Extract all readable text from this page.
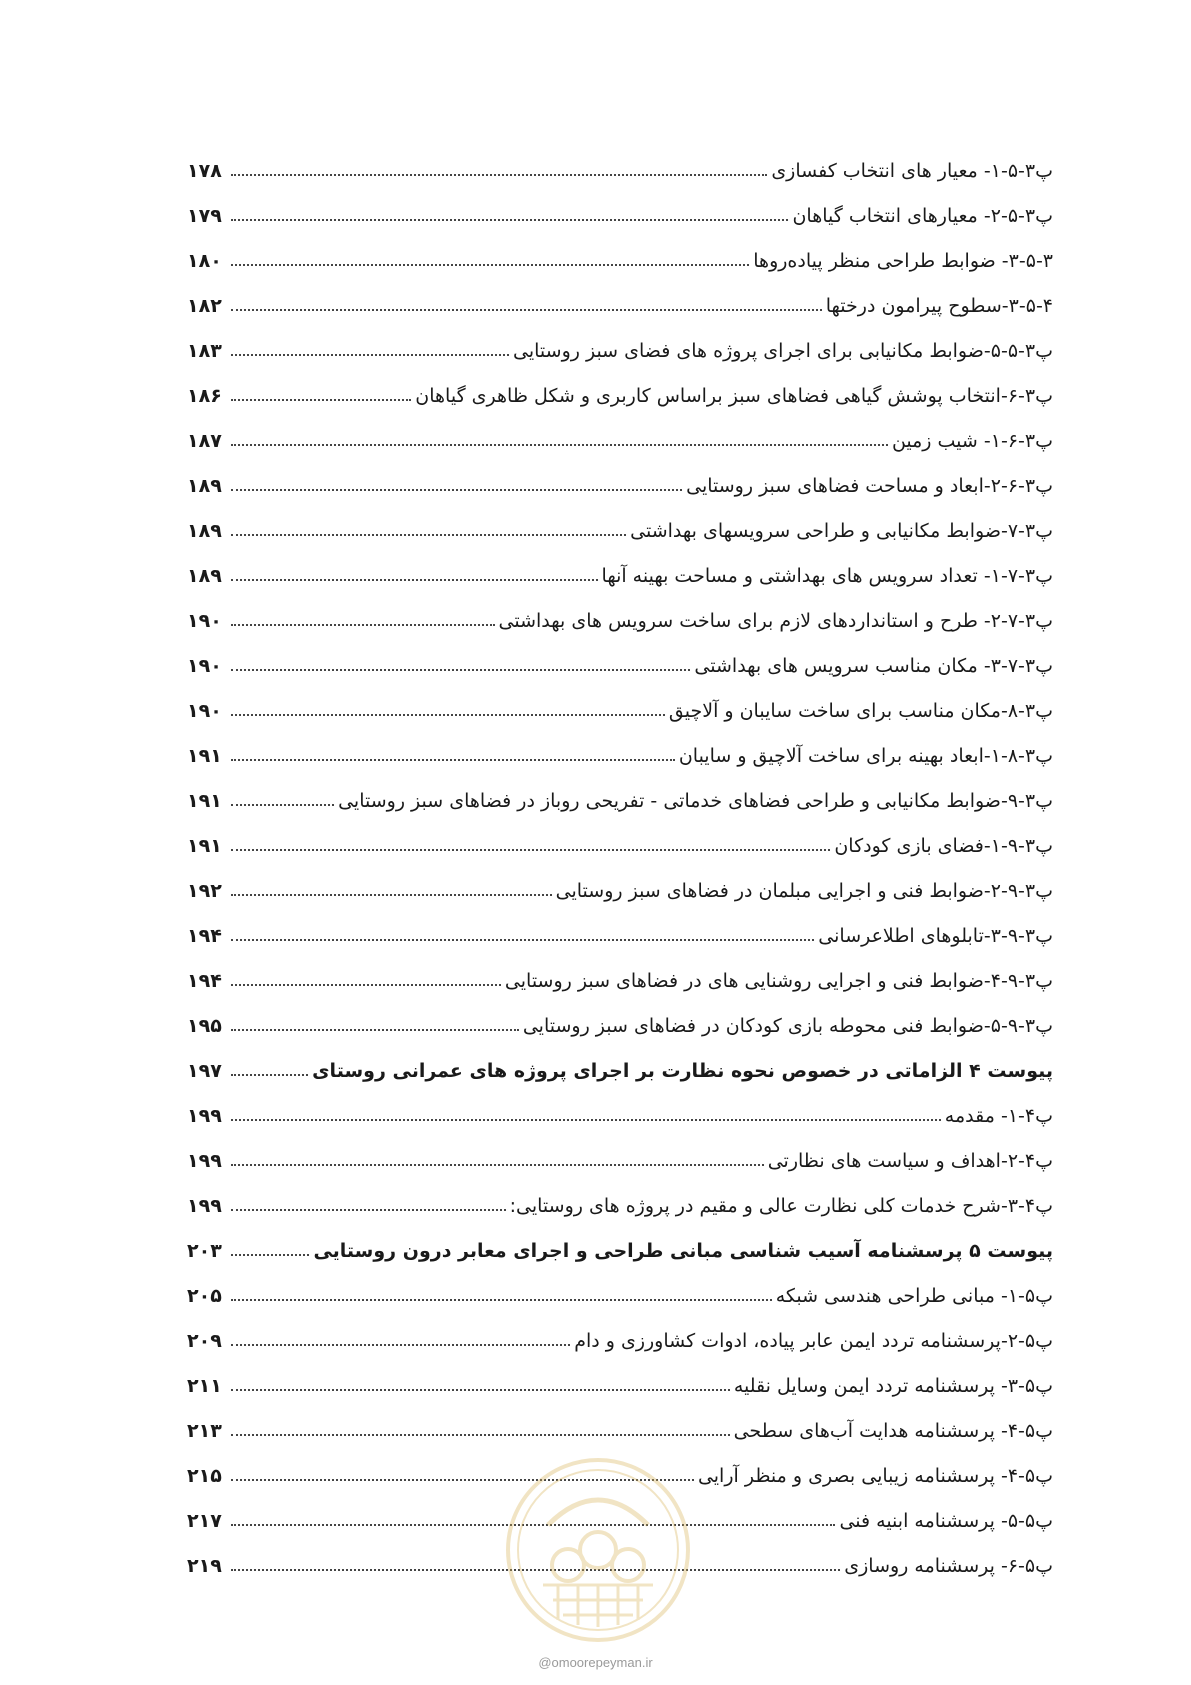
پ۳-۵-۱- معیار های انتخاب کفسازی
۱۷۸
پ۳-۵-۲- معیارهای انتخاب گیاهان
۱۷۹
۳-۵-۳- ضوابط طراحی منظر پیاده‌روها
۱۸۰
۳-۵-۴-سطوح پیرامون درختها
۱۸۲
پ۳-۵-۵-ضوابط مکانیابی برای اجرای پروژه های فضای سبز روستایی
۱۸۳
پ۳-۶-انتخاب پوشش گیاهی فضاهای سبز براساس کاربری و شکل ظاهری گیاهان
۱۸۶
پ۳-۶-۱- شیب زمین
۱۸۷
پ۳-۶-۲-ابعاد و مساحت فضاهای سبز روستایی
۱۸۹
پ۳-۷-ضوابط مکانیابی و طراحی سرویسهای بهداشتی
۱۸۹
پ۳-۷-۱- تعداد سرویس های بهداشتی و مساحت بهینه آنها
۱۸۹
پ۳-۷-۲- طرح و استانداردهای لازم برای ساخت سرویس های بهداشتی
۱۹۰
پ۳-۷-۳- مکان مناسب سرویس های بهداشتی
۱۹۰
پ۳-۸-مکان مناسب برای ساخت سایبان و آلاچیق
۱۹۰
پ۳-۸-۱-ابعاد بهینه برای ساخت آلاچیق و سایبان
۱۹۱
پ۳-۹-ضوابط مکانیابی و طراحی فضاهای خدماتی - تفریحی روباز در فضاهای سبز روستایی
۱۹۱
پ۳-۹-۱-فضای بازی کودکان
۱۹۱
پ۳-۹-۲-ضوابط فنی و اجرایی مبلمان در فضاهای سبز روستایی
۱۹۲
پ۳-۹-۳-تابلوهای اطلاعرسانی
۱۹۴
پ۳-۹-۴-ضوابط فنی و اجرایی روشنایی های در فضاهای سبز روستایی
۱۹۴
پ۳-۹-۵-ضوابط فنی محوطه بازی کودکان در فضاهای سبز روستایی
۱۹۵
پیوست ۴ الزاماتی در خصوص نحوه نظارت بر اجرای پروژه های عمرانی روستای
۱۹۷
پ۴-۱- مقدمه
۱۹۹
پ۴-۲-اهداف و سیاست های نظارتی
۱۹۹
پ۴-۳-شرح خدمات کلی نظارت عالی و مقیم در پروژه های روستایی:
۱۹۹
پیوست ۵ پرسشنامه آسیب شناسی مبانی طراحی و اجرای معابر درون روستایی
۲۰۳
پ۵-۱- مبانی طراحی هندسی شبکه
۲۰۵
پ۵-۲-پرسشنامه تردد ایمن عابر پیاده، ادوات کشاورزی و دام
۲۰۹
پ۵-۳- پرسشنامه تردد ایمن وسایل نقلیه
۲۱۱
پ۵-۴- پرسشنامه هدایت آب‌های سطحی
۲۱۳
پ۵-۴- پرسشنامه زیبایی بصری و منظر آرایی
۲۱۵
پ۵-۵- پرسشنامه ابنیه فنی
۲۱۷
پ۵-۶- پرسشنامه روسازی
۲۱۹
@omoorepeyman.ir
